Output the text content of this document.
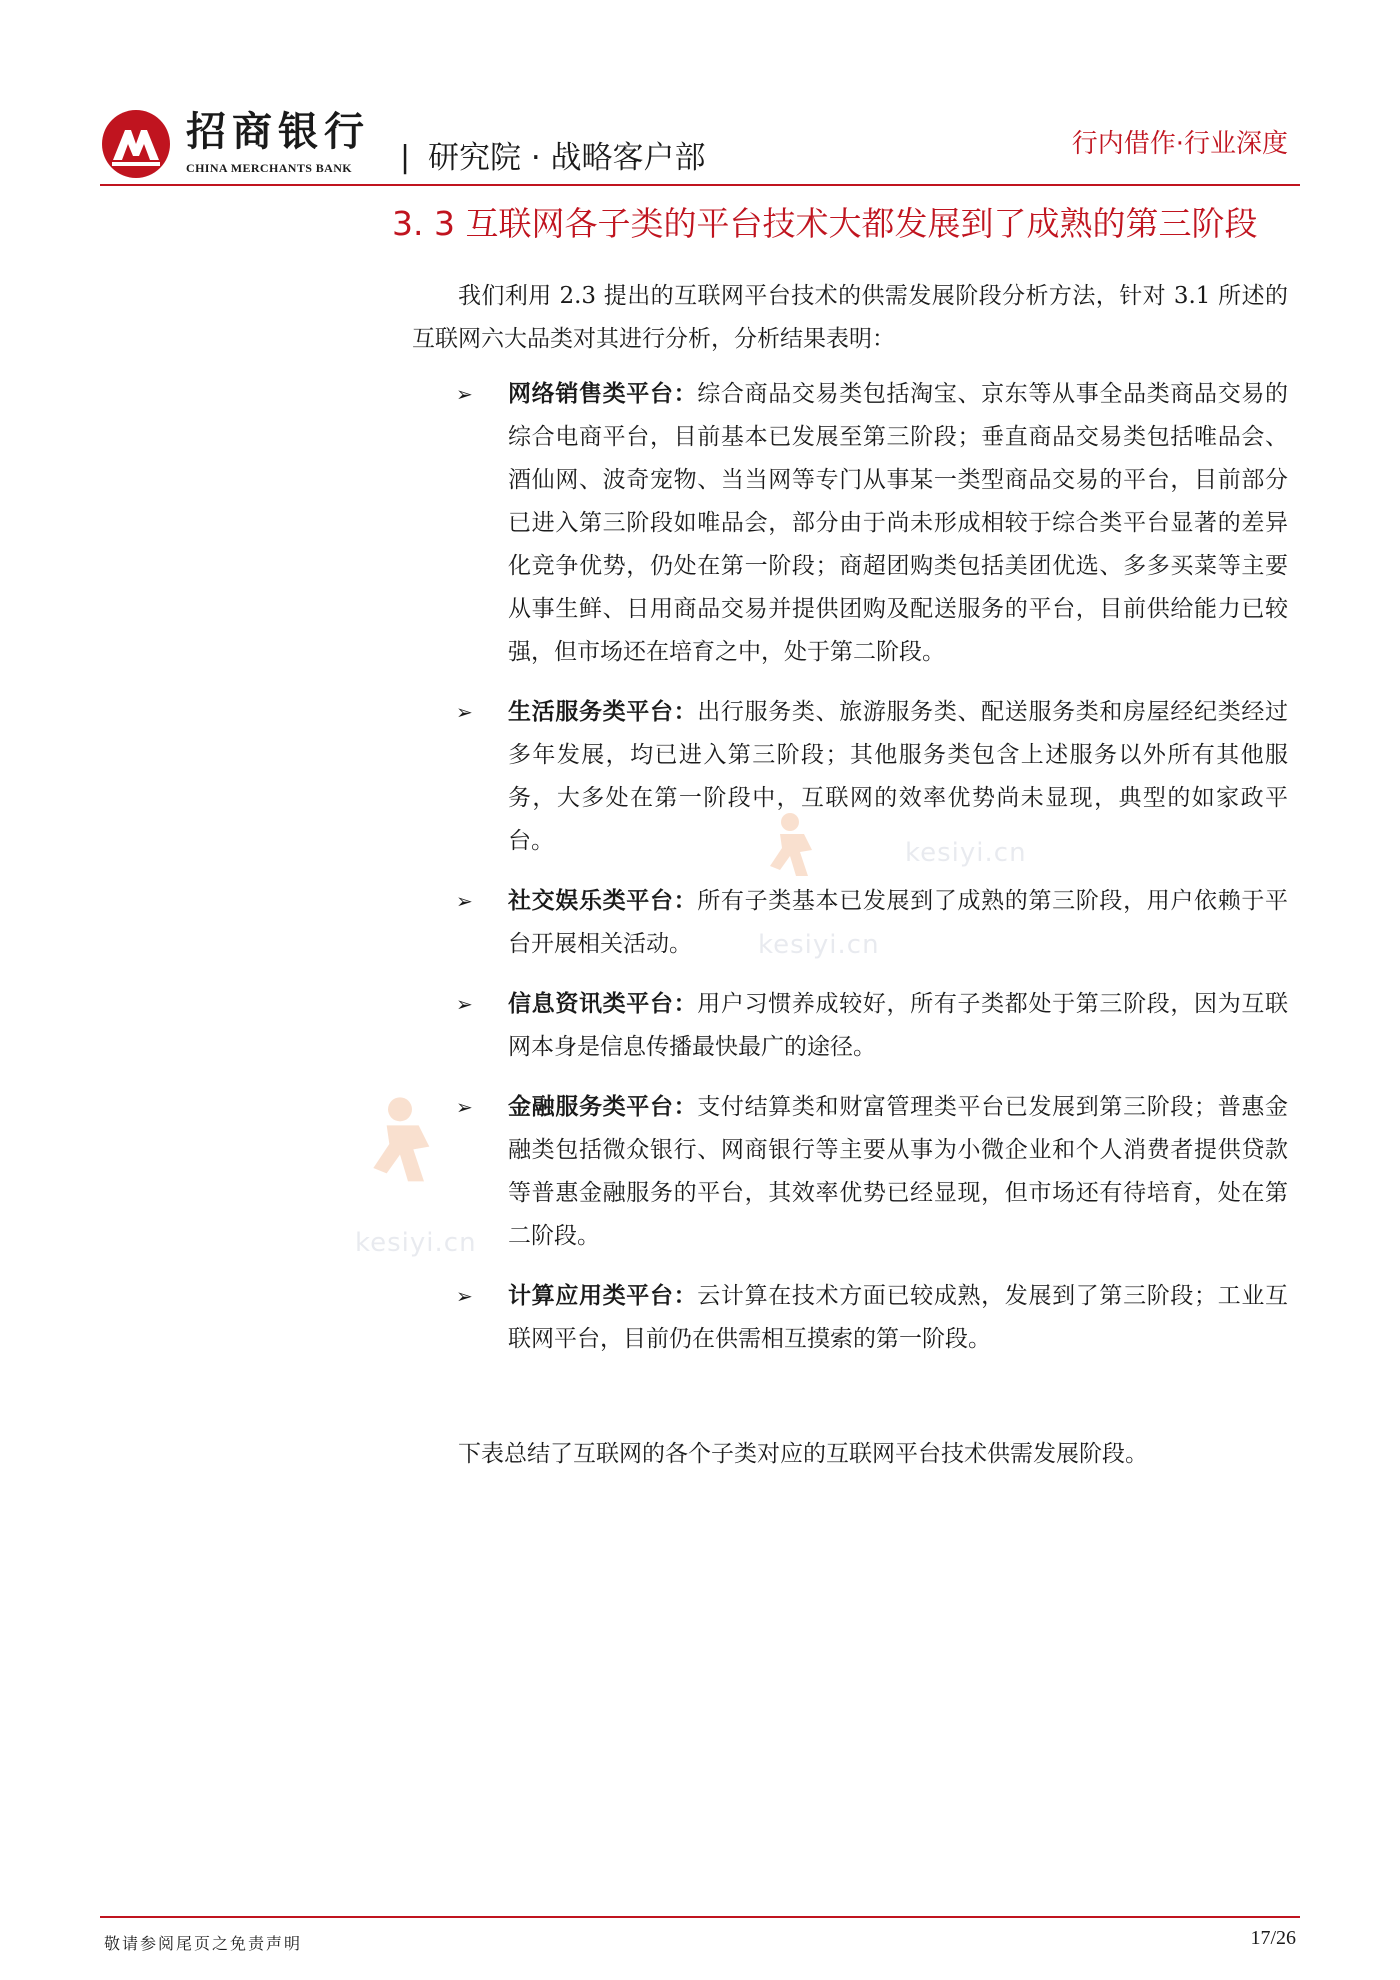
招商银行
CHINA MERCHANTS BANK | 研究院 · 战略客户部	行内借作·行业深度
3. 3 互联网各子类的平台技术大都发展到了成熟的第三阶段
kesiyi.cn
kesiyi.cn
kesiyi.cn

我们利用 2.3 提出的互联网平台技术的供需发展阶段分析方法，针对 3.1 所述的互联网六大品类对其进行分析，分析结果表明：

➢ 网络销售类平台：综合商品交易类包括淘宝、京东等从事全品类商品交易的综合电商平台，目前基本已发展至第三阶段；垂直商品交易类包括唯品会、酒仙网、波奇宠物、当当网等专门从事某一类型商品交易的平台，目前部分已进入第三阶段如唯品会，部分由于尚未形成相较于综合类平台显著的差异化竞争优势，仍处在第一阶段；商超团购类包括美团优选、多多买菜等主要从事生鲜、日用商品交易并提供团购及配送服务的平台，目前供给能力已较强，但市场还在培育之中，处于第二阶段。
➢ 生活服务类平台：出行服务类、旅游服务类、配送服务类和房屋经纪类经过多年发展，均已进入第三阶段；其他服务类包含上述服务以外所有其他服务，大多处在第一阶段中，互联网的效率优势尚未显现，典型的如家政平台。
➢ 社交娱乐类平台：所有子类基本已发展到了成熟的第三阶段，用户依赖于平台开展相关活动。
➢ 信息资讯类平台：用户习惯养成较好，所有子类都处于第三阶段，因为互联网本身是信息传播最快最广的途径。
➢ 金融服务类平台：支付结算类和财富管理类平台已发展到第三阶段；普惠金融类包括微众银行、网商银行等主要从事为小微企业和个人消费者提供贷款等普惠金融服务的平台，其效率优势已经显现，但市场还有待培育，处在第二阶段。
➢ 计算应用类平台：云计算在技术方面已较成熟，发展到了第三阶段；工业互联网平台，目前仍在供需相互摸索的第一阶段。

下表总结了互联网的各个子类对应的互联网平台技术供需发展阶段。

敬请参阅尾页之免责声明	17/26
